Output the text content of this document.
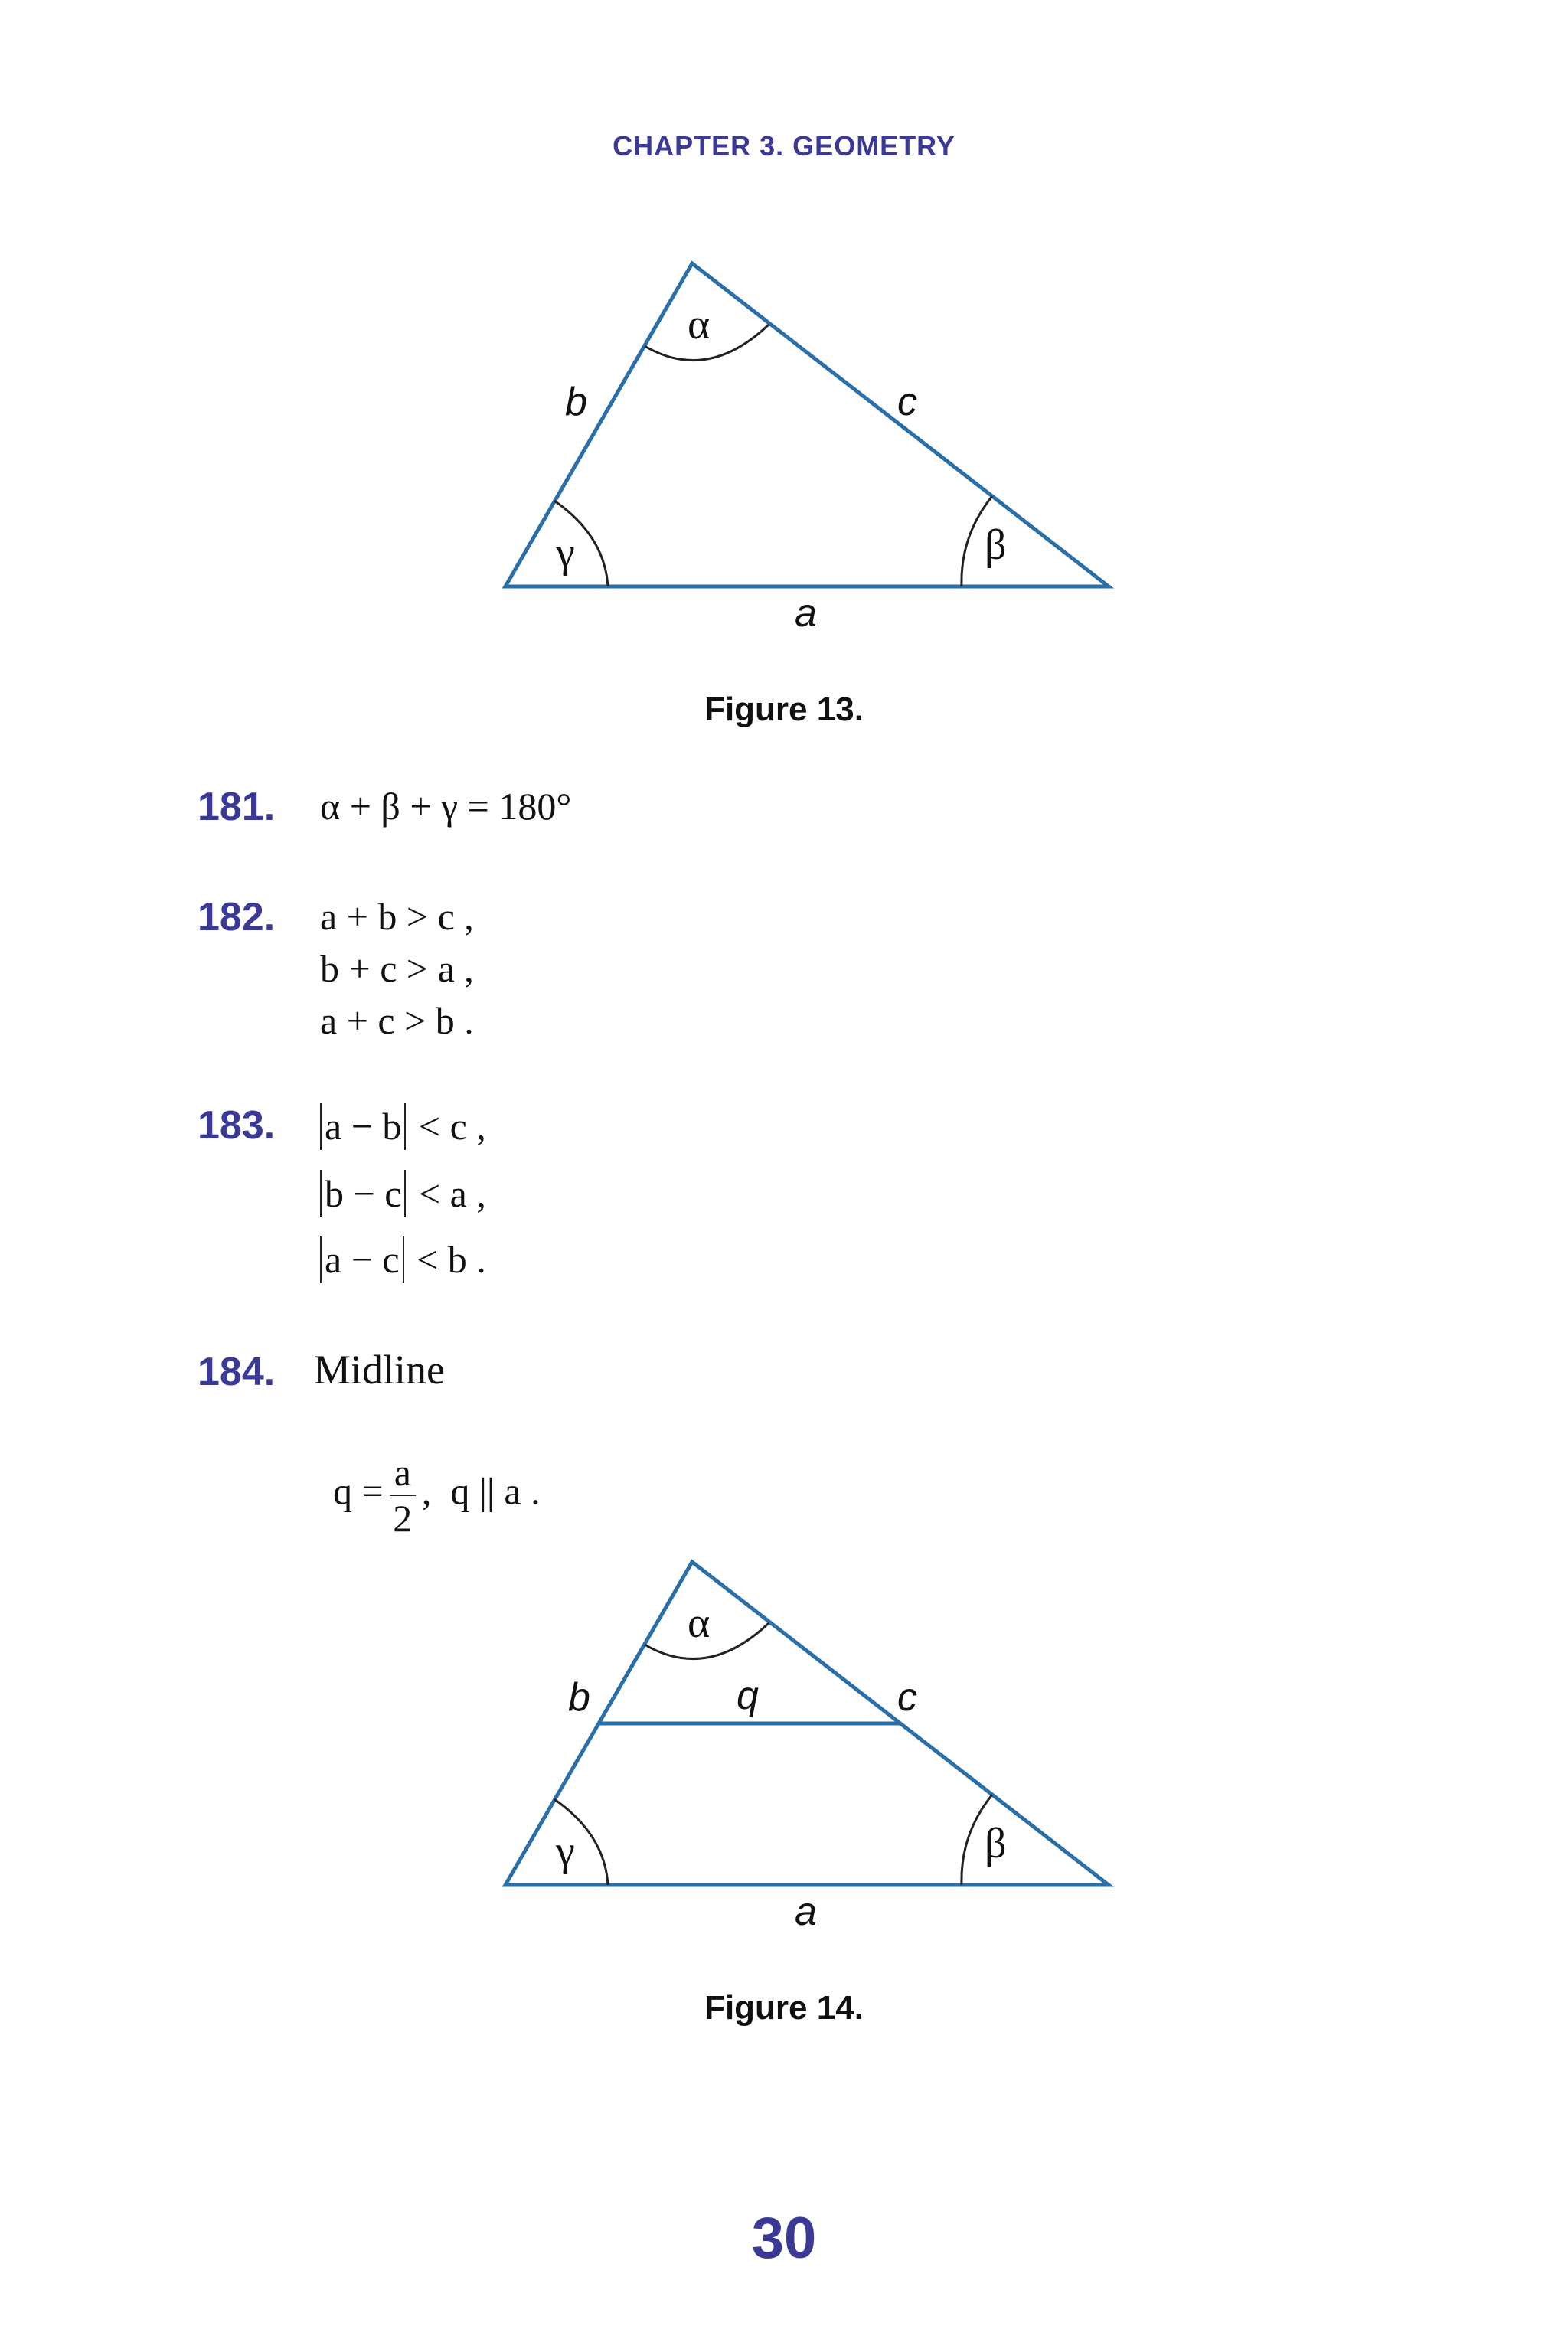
CHAPTER 3. GEOMETRY
α
γ	β
b	c
a
Figure 13.
181. α + β + γ = 180°
182. a + b > c ,
b + c > a ,
a + c > b .
183. a − b < c ,
b − c < a ,
a − c < b .
184. Midline

$q = \frac{a}{2}$ ,  q || a .

α
γ	β
b	q	c
a
Figure 14.
30
